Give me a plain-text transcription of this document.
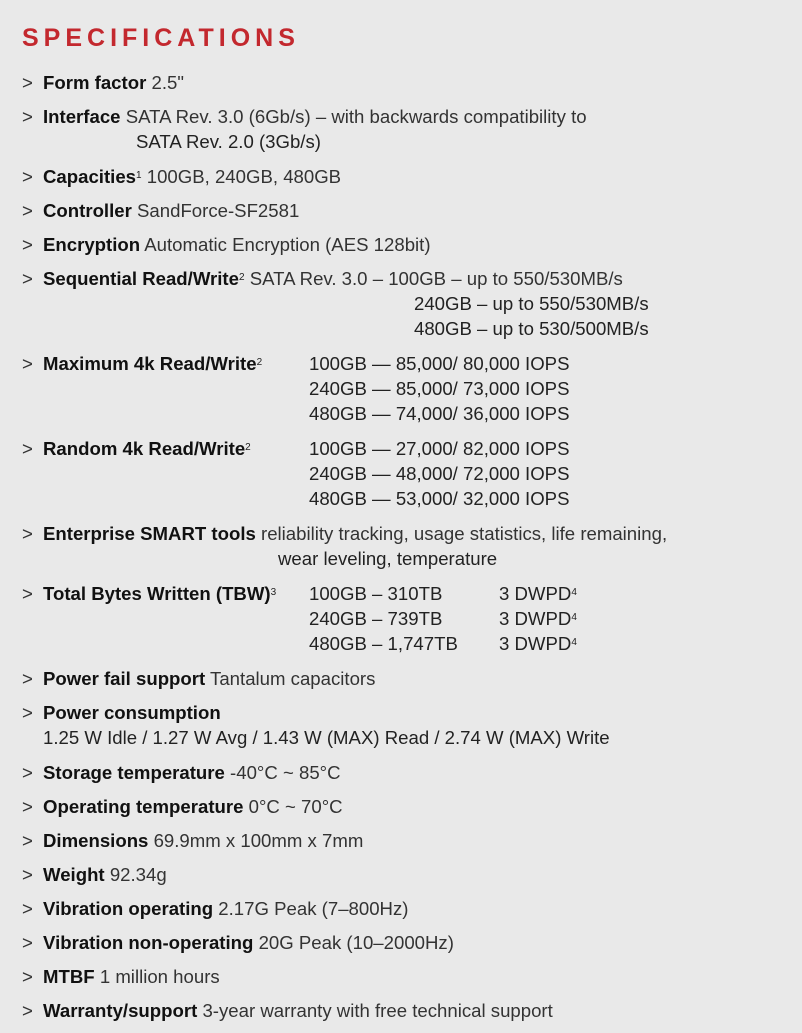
SPECIFICATIONS
> Form factor 2.5"
> Interface SATA Rev. 3.0 (6Gb/s) – with backwards compatibility to
SATA Rev. 2.0 (3Gb/s)
> Capacities$^1$ 100GB, 240GB, 480GB
> Controller SandForce-SF2581
> Encryption Automatic Encryption (AES 128bit)
> Sequential Read/Write$^2$ SATA Rev. 3.0 – 100GB – up to 550/530MB/s
240GB – up to 550/530MB/s
480GB – up to 530/500MB/s
> Maximum 4k Read/Write$^2$	100GB — 85,000/ 80,000 IOPS
240GB — 85,000/ 73,000 IOPS
480GB — 74,000/ 36,000 IOPS
> Random 4k Read/Write$^2$	100GB — 27,000/ 82,000 IOPS
240GB — 48,000/ 72,000 IOPS
480GB — 53,000/ 32,000 IOPS
> Enterprise SMART tools reliability tracking, usage statistics, life remaining,
wear leveling, temperature
> Total Bytes Written (TBW)$^3$	100GB – 310TB	3 DWPD$^4$
240GB – 739TB	3 DWPD$^4$
480GB – 1,747TB	3 $DWPD^4$
> Power fail support Tantalum capacitors
> Power consumption
1.25 W Idle / 1.27 W Avg / 1.43 W (MAX) Read / 2.74 W (MAX) Write
> Storage temperature -40°C ~ 85°C
> Operating temperature 0°C ~ 70°C
> Dimensions 69.9mm x 100mm x 7mm
> Weight 92.34g
> Vibration operating 2.17G Peak (7–800Hz)
> Vibration non-operating 20G Peak (10–2000Hz)
> MTBF 1 million hours
> Warranty/support 3-year warranty with free technical support
